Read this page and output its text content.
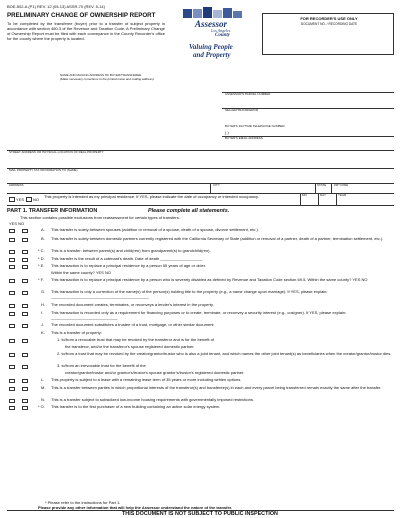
BOE-502-A (P1) REV. 12 (05-13) ASSR-70 (REV. 5-14)
PRELIMINARY CHANGE OF OWNERSHIP REPORT
To be completed by the transferee (buyer) prior to a transfer of subject property in accordance with section 480.3 of the Revenue and Taxation Code. A Preliminary Change of Ownership Report must be filed with each conveyance in the County Recorder's office for the county where the property is located.
Assessor
Los Angeles
County
Valuing People
and Property
FOR RECORDER'S USE ONLY
DOCUMENT NO. / RECORDING DATE
NAME AND MAILING ADDRESS OF BUYER/TRANSFEREE
(Make necessary corrections to the printed name and mailing address)
ASSESSOR'S PARCEL NUMBER
SELLER/TRANSFEROR
BUYER'S DAYTIME TELEPHONE NUMBER
( )
BUYER'S EMAIL ADDRESS
STREET ADDRESS OR PHYSICAL LOCATION OF REAL PROPERTY
MAIL PROPERTY TAX INFORMATION TO (NAME)
ADDRESS	CITY	STATE	ZIP CODE
YES NO
This property is intended as my principal residence. If YES, please indicate the date of occupancy or intended occupancy.	MO	DAY	YEAR
PART 1. TRANSFER INFORMATION	Please complete all statements.
This section contains possible exclusions from reassessment for certain types of transfers.
YES NO
A. This transfer is solely between spouses (addition or removal of a spouse, death of a spouse, divorce settlement, etc.).
B. This transfer is solely between domestic partners currently registered with the California Secretary of State (addition or removal of a partner, death of a partner, termination settlement, etc.).
* C. This is a transfer: between parent(s) and child(ren) from grandparent(s) to grandchild(ren).
* D. This transfer is the result of a cotenant's death. Date of death ___________________
* E. This transaction is to replace a principal residence by a person 55 years of age or older.
Within the same county? YES NO
* F. This transaction is to replace a principal residence by a person who is severely disabled as defined by Revenue and Taxation Code section 69.5. Within the same county? YES NO
G. This transaction is only a correction of the name(s) of the person(s) holding title to the property (e.g., a name change upon marriage). If YES, please explain: ____________________________________________
H. The recorded document creates, terminates, or reconveys a lender's interest in the property.
I. This transaction is recorded only as a requirement for financing purposes or to create, terminate, or reconvey a security interest (e.g., cosigner). If YES, please explain: ______________________________
J. The recorded document substitutes a trustee of a trust, mortgage, or other similar document.
K. This is a transfer of property:
1. to/from a revocable trust that may be revoked by the transferor and is for the benefit of
the transferor, and/or the transferor's spouse registered domestic partner.
2. to/from a trust that may be revoked by the creator/grantor/trustor who is also a joint tenant, and which names the other joint tenant(s) as beneficiaries when the creator/grantor/trustor dies.
3. to/from an irrevocable trust for the benefit of the
creator/grantor/trustor and/or grantor's/trustor's spouse grantor's/trustor's registered domestic partner.
L. This property is subject to a lease with a remaining lease term of 35 years or more including written options.
M. This is a transfer between parties in which proportional interests of the transferor(s) and transferee(s) in each and every parcel being transferred remain exactly the same after the transfer.
N. This is a transfer subject to subsidized low-income housing requirements with governmentally imposed restrictions.
* O. This transfer is to the first purchaser of a new building containing an active solar energy system.
* Please refer to the instructions for Part 1.
Please provide any other information that will help the Assessor understand the nature of the transfer.
THIS DOCUMENT IS NOT SUBJECT TO PUBLIC INSPECTION
